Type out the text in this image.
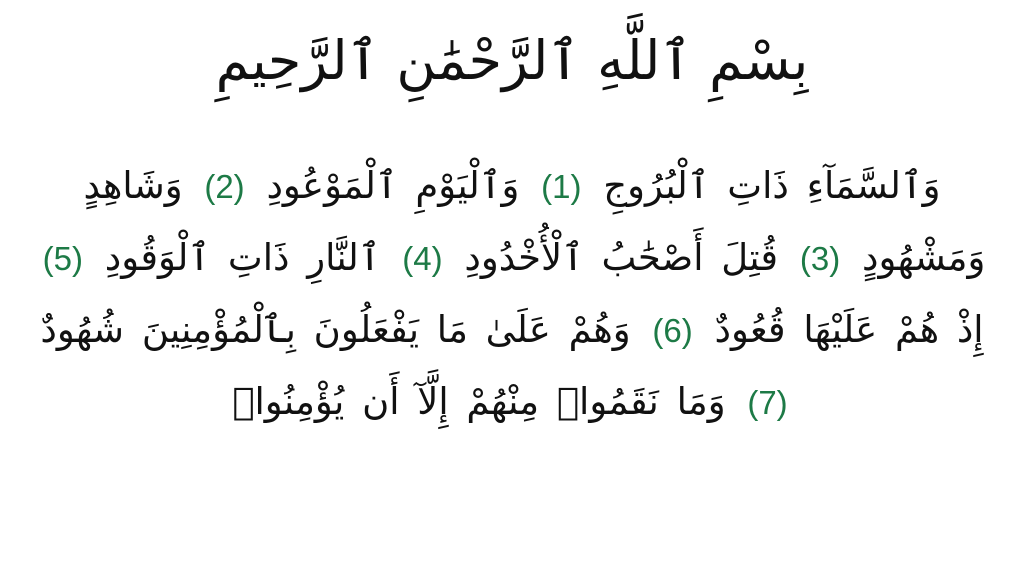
بِسْمِ ٱللَّهِ ٱلرَّحْمَٰنِ ٱلرَّحِيمِ
وَٱلسَّمَآءِ ذَاتِ ٱلْبُرُوجِ (1) وَٱلْيَوْمِ ٱلْمَوْعُودِ (2) وَشَاهِدٍ وَمَشْهُودٍ (3) قُتِلَ أَصْحَٰبُ ٱلْأُخْدُودِ (4) ٱلنَّارِ ذَاتِ ٱلْوَقُودِ (5) إِذْ هُمْ عَلَيْهَا قُعُودٌ (6) وَهُمْ عَلَىٰ مَا يَفْعَلُونَ بِٱلْمُؤْمِنِينَ شُهُودٌ (7) وَمَا نَقَمُوا۟ مِنْهُمْ إِلَّآ أَن يُؤْمِنُوا۟
